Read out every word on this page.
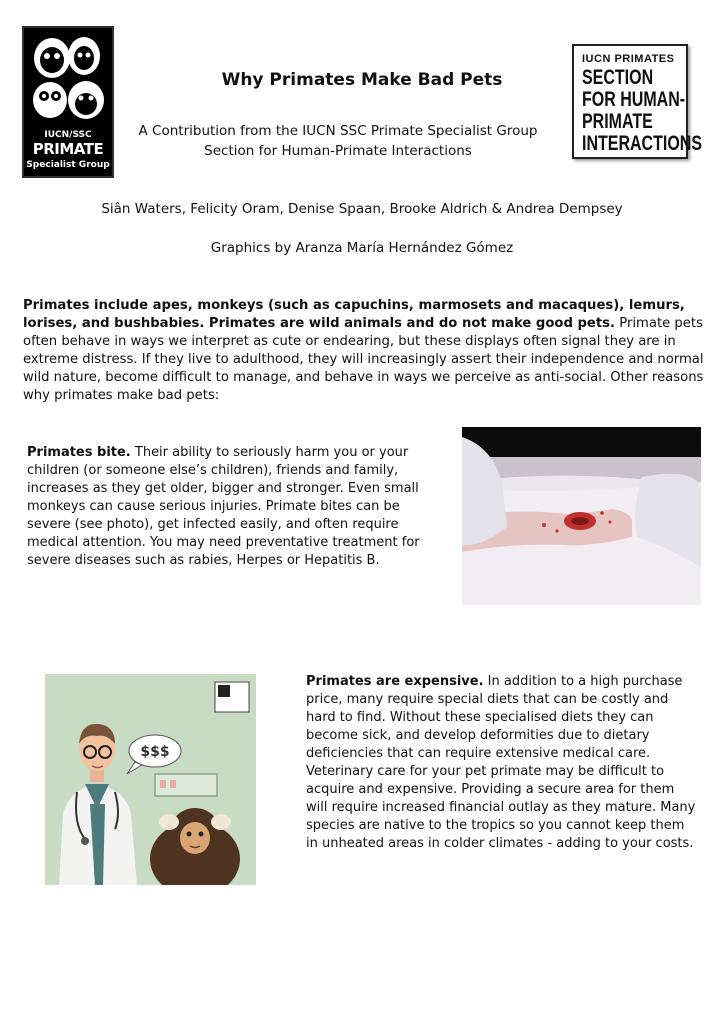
IUCN/SSC
PRIMATE
Specialist Group
IUCN PRIMATES
SECTION FOR HUMAN-PRIMATE INTERACTIONS
Why Primates Make Bad Pets
A Contribution from the IUCN SSC Primate Specialist Group
Section for Human-Primate Interactions
Siân Waters, Felicity Oram, Denise Spaan, Brooke Aldrich & Andrea Dempsey
Graphics by Aranza María Hernández Gómez
Primates include apes, monkeys (such as capuchins, marmosets and macaques), lemurs, lorises, and bushbabies. Primates are wild animals and do not make good pets. Primate pets often behave in ways we interpret as cute or endearing, but these displays often signal they are in extreme distress. If they live to adulthood, they will increasingly assert their independence and normal wild nature, become difficult to manage, and behave in ways we perceive as anti-social. Other reasons why primates make bad pets:
Primates bite. Their ability to seriously harm you or your children (or someone else’s children), friends and family, increases as they get older, bigger and stronger. Even small monkeys can cause serious injuries. Primate bites can be severe (see photo), get infected easily, and often require medical attention. You may need preventative treatment for severe diseases such as rabies, Herpes or Hepatitis B.
$$$
Primates are expensive. In addition to a high purchase price, many require special diets that can be costly and hard to find. Without these specialised diets they can become sick, and develop deformities due to dietary deficiencies that can require extensive medical care. Veterinary care for your pet primate may be difficult to acquire and expensive. Providing a secure area for them will require increased financial outlay as they mature. Many species are native to the tropics so you cannot keep them in unheated areas in colder climates - adding to your costs.
